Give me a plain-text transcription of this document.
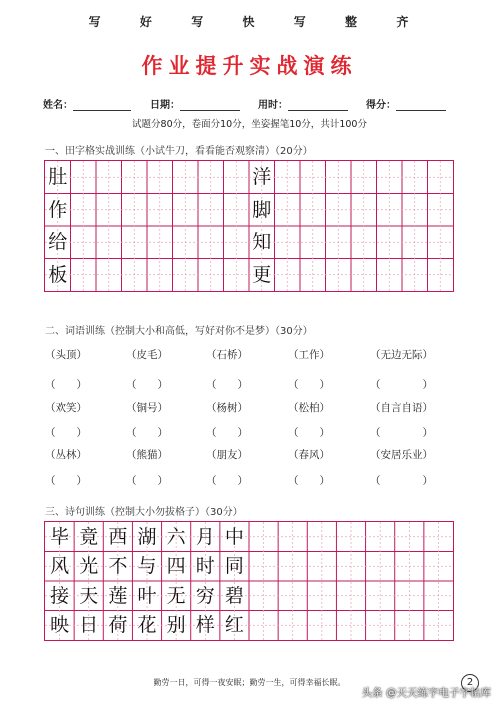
写	好	写	快	写	整	齐
作业提升实战演练
姓名：	日期：	用时：	得分：
试题分80分，卷面分10分，坐姿握笔10分，共计100分
一、田字格实战训练（小试牛刀，看看能否观察清）（20分）
肚	洋
作	脚
给	知
板	更
二、词语训练（控制大小和高低，写好对你不是梦）（30分）
（头顶）	（皮毛）	（石桥）	（工作）	（无边无际）
（　　）	（　　）	（　　）	（　　）	（　　　　）
（欢笑）	（铜号）	（杨树）	（松柏）	（自言自语）
（　　）	（　　）	（　　）	（　　）	（　　　　）
（丛林）	（熊猫）	（朋友）	（春风）	（安居乐业）
（　　）	（　　）	（　　）	（　　）	（　　　　）
三、诗句训练（控制大小勿拔格子）（30分）
毕 竟 西 湖 六 月 中
风 光 不 与 四 时 同
接 天 莲 叶 无 穷 碧
映 日 荷 花 别 样 红
勤劳一日，可得一夜安眠；勤劳一生，可得幸福长眠。	2
头条 @天天练字电子字帖库
